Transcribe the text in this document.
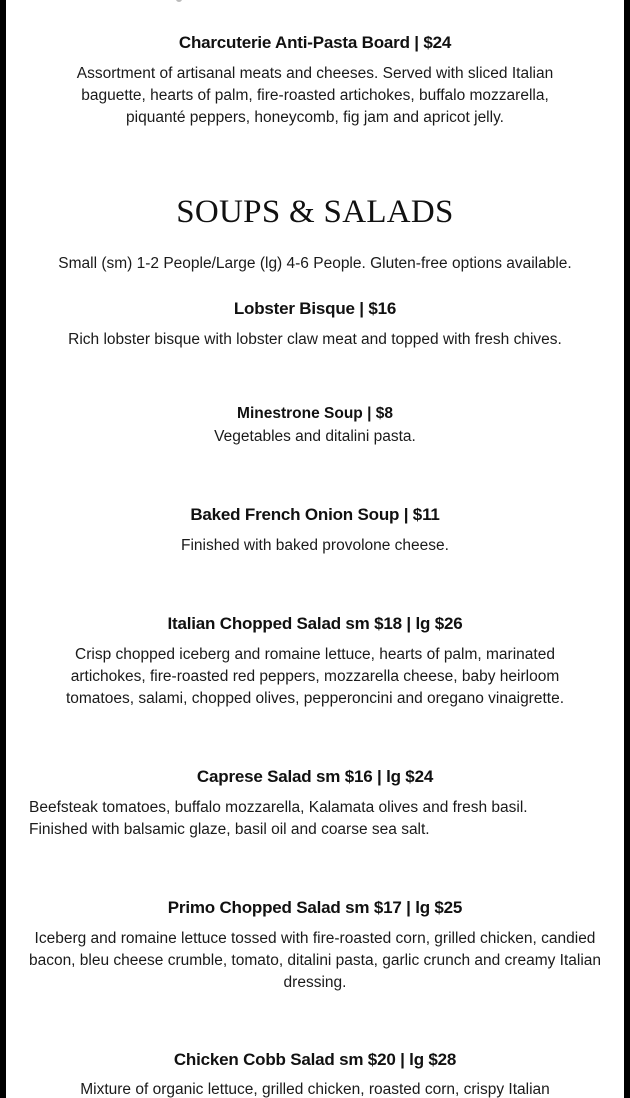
Charcuterie Anti-Pasta Board | $24
Assortment of artisanal meats and cheeses. Served with sliced Italian baguette, hearts of palm, fire-roasted artichokes, buffalo mozzarella, piquanté peppers, honeycomb, fig jam and apricot jelly.
SOUPS & SALADS
Small (sm) 1-2 People/Large (lg) 4-6 People. Gluten-free options available.
Lobster Bisque | $16
Rich lobster bisque with lobster claw meat and topped with fresh chives.
Minestrone Soup | $8
Vegetables and ditalini pasta.
Baked French Onion Soup | $11
Finished with baked provolone cheese.
Italian Chopped Salad sm $18 | lg $26
Crisp chopped iceberg and romaine lettuce, hearts of palm, marinated artichokes, fire-roasted red peppers, mozzarella cheese, baby heirloom tomatoes, salami, chopped olives, pepperoncini and oregano vinaigrette.
Caprese Salad sm $16 | lg $24
Beefsteak tomatoes, buffalo mozzarella, Kalamata olives and fresh basil. Finished with balsamic glaze, basil oil and coarse sea salt.
Primo Chopped Salad sm $17 | lg $25
Iceberg and romaine lettuce tossed with fire-roasted corn, grilled chicken, candied bacon, bleu cheese crumble, tomato, ditalini pasta, garlic crunch and creamy Italian dressing.
Chicken Cobb Salad sm $20 | lg $28
Mixture of organic lettuce, grilled chicken, roasted corn, crispy Italian
